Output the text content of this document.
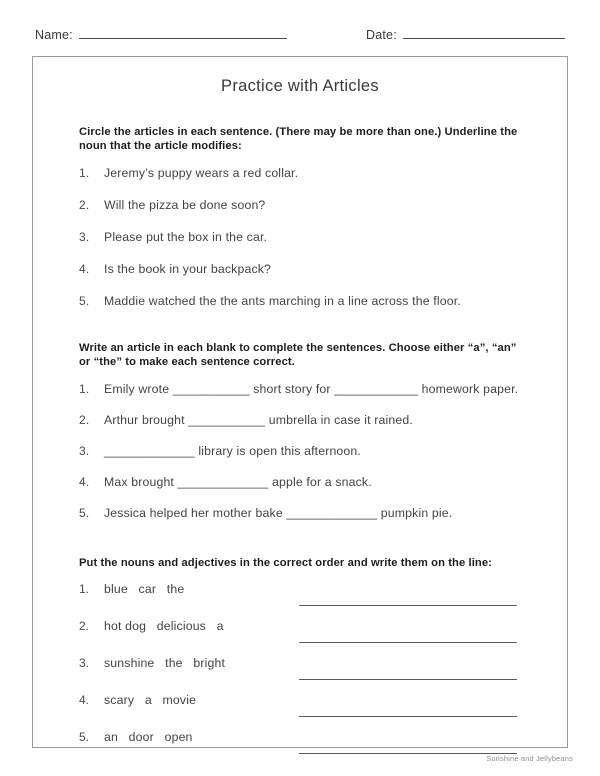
Name:	Date:
Practice with Articles
Circle the articles in each sentence. (There may be more than one.) Underline the noun that the article modifies:
1.	Jeremy’s puppy wears a red collar.
2.	Will the pizza be done soon?
3.	Please put the box in the car.
4.	Is the book in your backpack?
5.	Maddie watched the the ants marching in a line across the floor.
Write an article in each blank to complete the sentences. Choose either “a”, “an” or “the” to make each sentence correct.
1.	Emily wrote ___________ short story for ____________ homework paper.
2.	Arthur brought ___________ umbrella in case it rained.
3.	_____________ library is open this afternoon.
4.	Max brought _____________ apple for a snack.
5.	Jessica helped her mother bake _____________ pumpkin pie.
Put the nouns and adjectives in the correct order and write them on the line:
1.	blue   car   the
2.	hot dog   delicious   a
3.	sunshine   the   bright
4.	scary   a   movie
5.	an   door   open
Sunshine and Jellybeans
